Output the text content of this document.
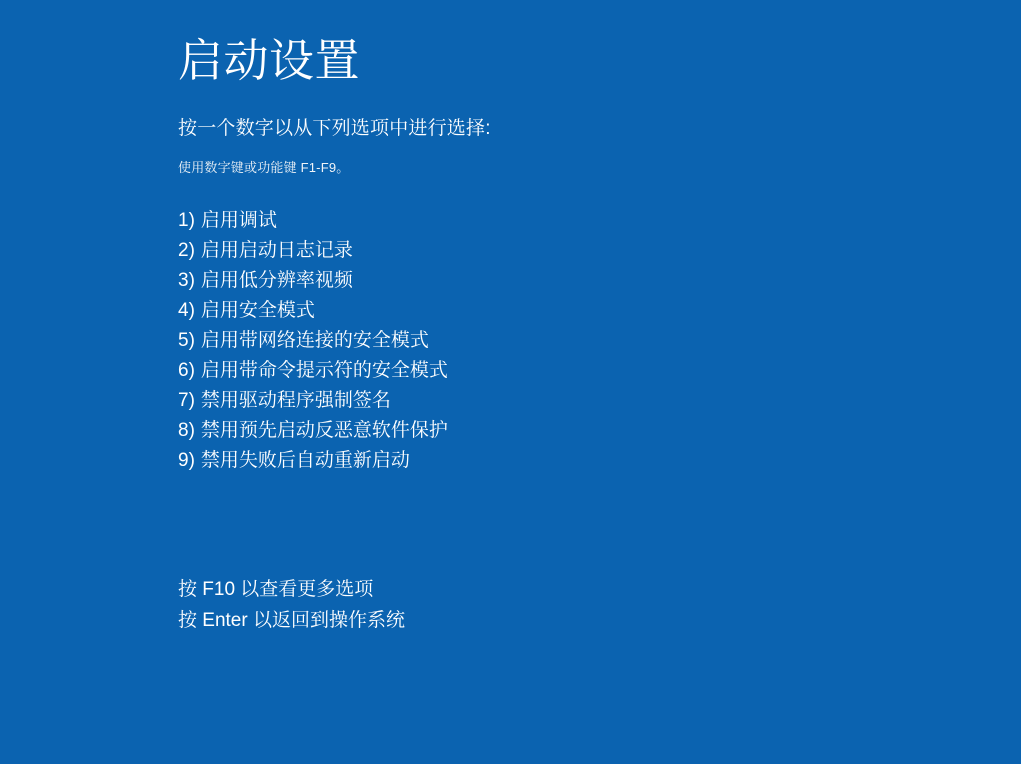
启动设置
按一个数字以从下列选项中进行选择:
使用数字键或功能键 F1-F9。
1) 启用调试
2) 启用启动日志记录
3) 启用低分辨率视频
4) 启用安全模式
5) 启用带网络连接的安全模式
6) 启用带命令提示符的安全模式
7) 禁用驱动程序强制签名
8) 禁用预先启动反恶意软件保护
9) 禁用失败后自动重新启动
按 F10 以查看更多选项
按 Enter 以返回到操作系统
